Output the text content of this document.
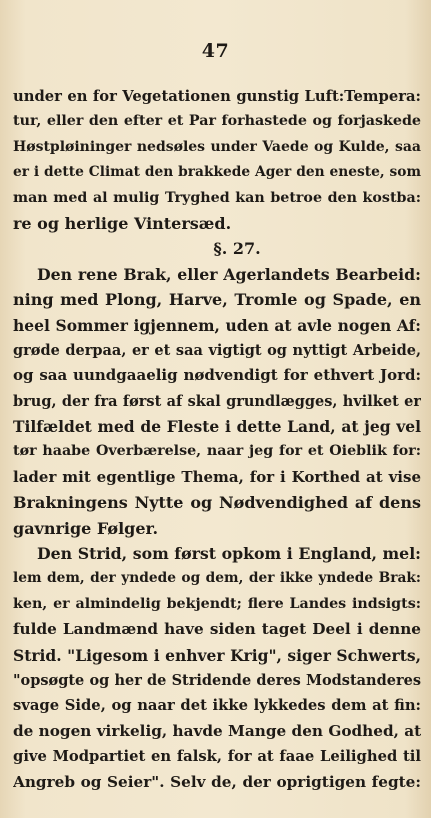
47
under en for Vegetationen gunstig Luft:Tempera:
tur, eller den efter et Par forhastede og forjaskede
Høstpløininger nedsøles under Vaede og Kulde, saa
er i dette Climat den brakkede Ager den eneste, som
man med al mulig Tryghed kan betroe den kostba:
re og herlige Vintersæd.
§. 27.
Den rene Brak, eller Agerlandets Bearbeid:
ning med Plong, Harve, Tromle og Spade, en
heel Sommer igjennem, uden at avle nogen Af:
grøde derpaa, er et saa vigtigt og nyttigt Arbeide,
og saa uundgaaelig nødvendigt for ethvert Jord:
brug, der fra først af skal grundlægges, hvilket er
Tilfældet med de Fleste i dette Land, at jeg vel
tør haabe Overbærelse, naar jeg for et Oieblik for:
lader mit egentlige Thema, for i Korthed at vise
Brakningens Nytte og Nødvendighed af dens
gavnrige Følger.
Den Strid, som først opkom i England, mel:
lem dem, der yndede og dem, der ikke yndede Brak:
ken, er almindelig bekjendt; flere Landes indsigts:
fulde Landmænd have siden taget Deel i denne
Strid. "Ligesom i enhver Krig", siger Schwerts,
"opsøgte og her de Stridende deres Modstanderes
svage Side, og naar det ikke lykkedes dem at fin:
de nogen virkelig, havde Mange den Godhed, at
give Modpartiet en falsk, for at faae Leilighed til
Angreb og Seier". Selv de, der oprigtigen fegte:
